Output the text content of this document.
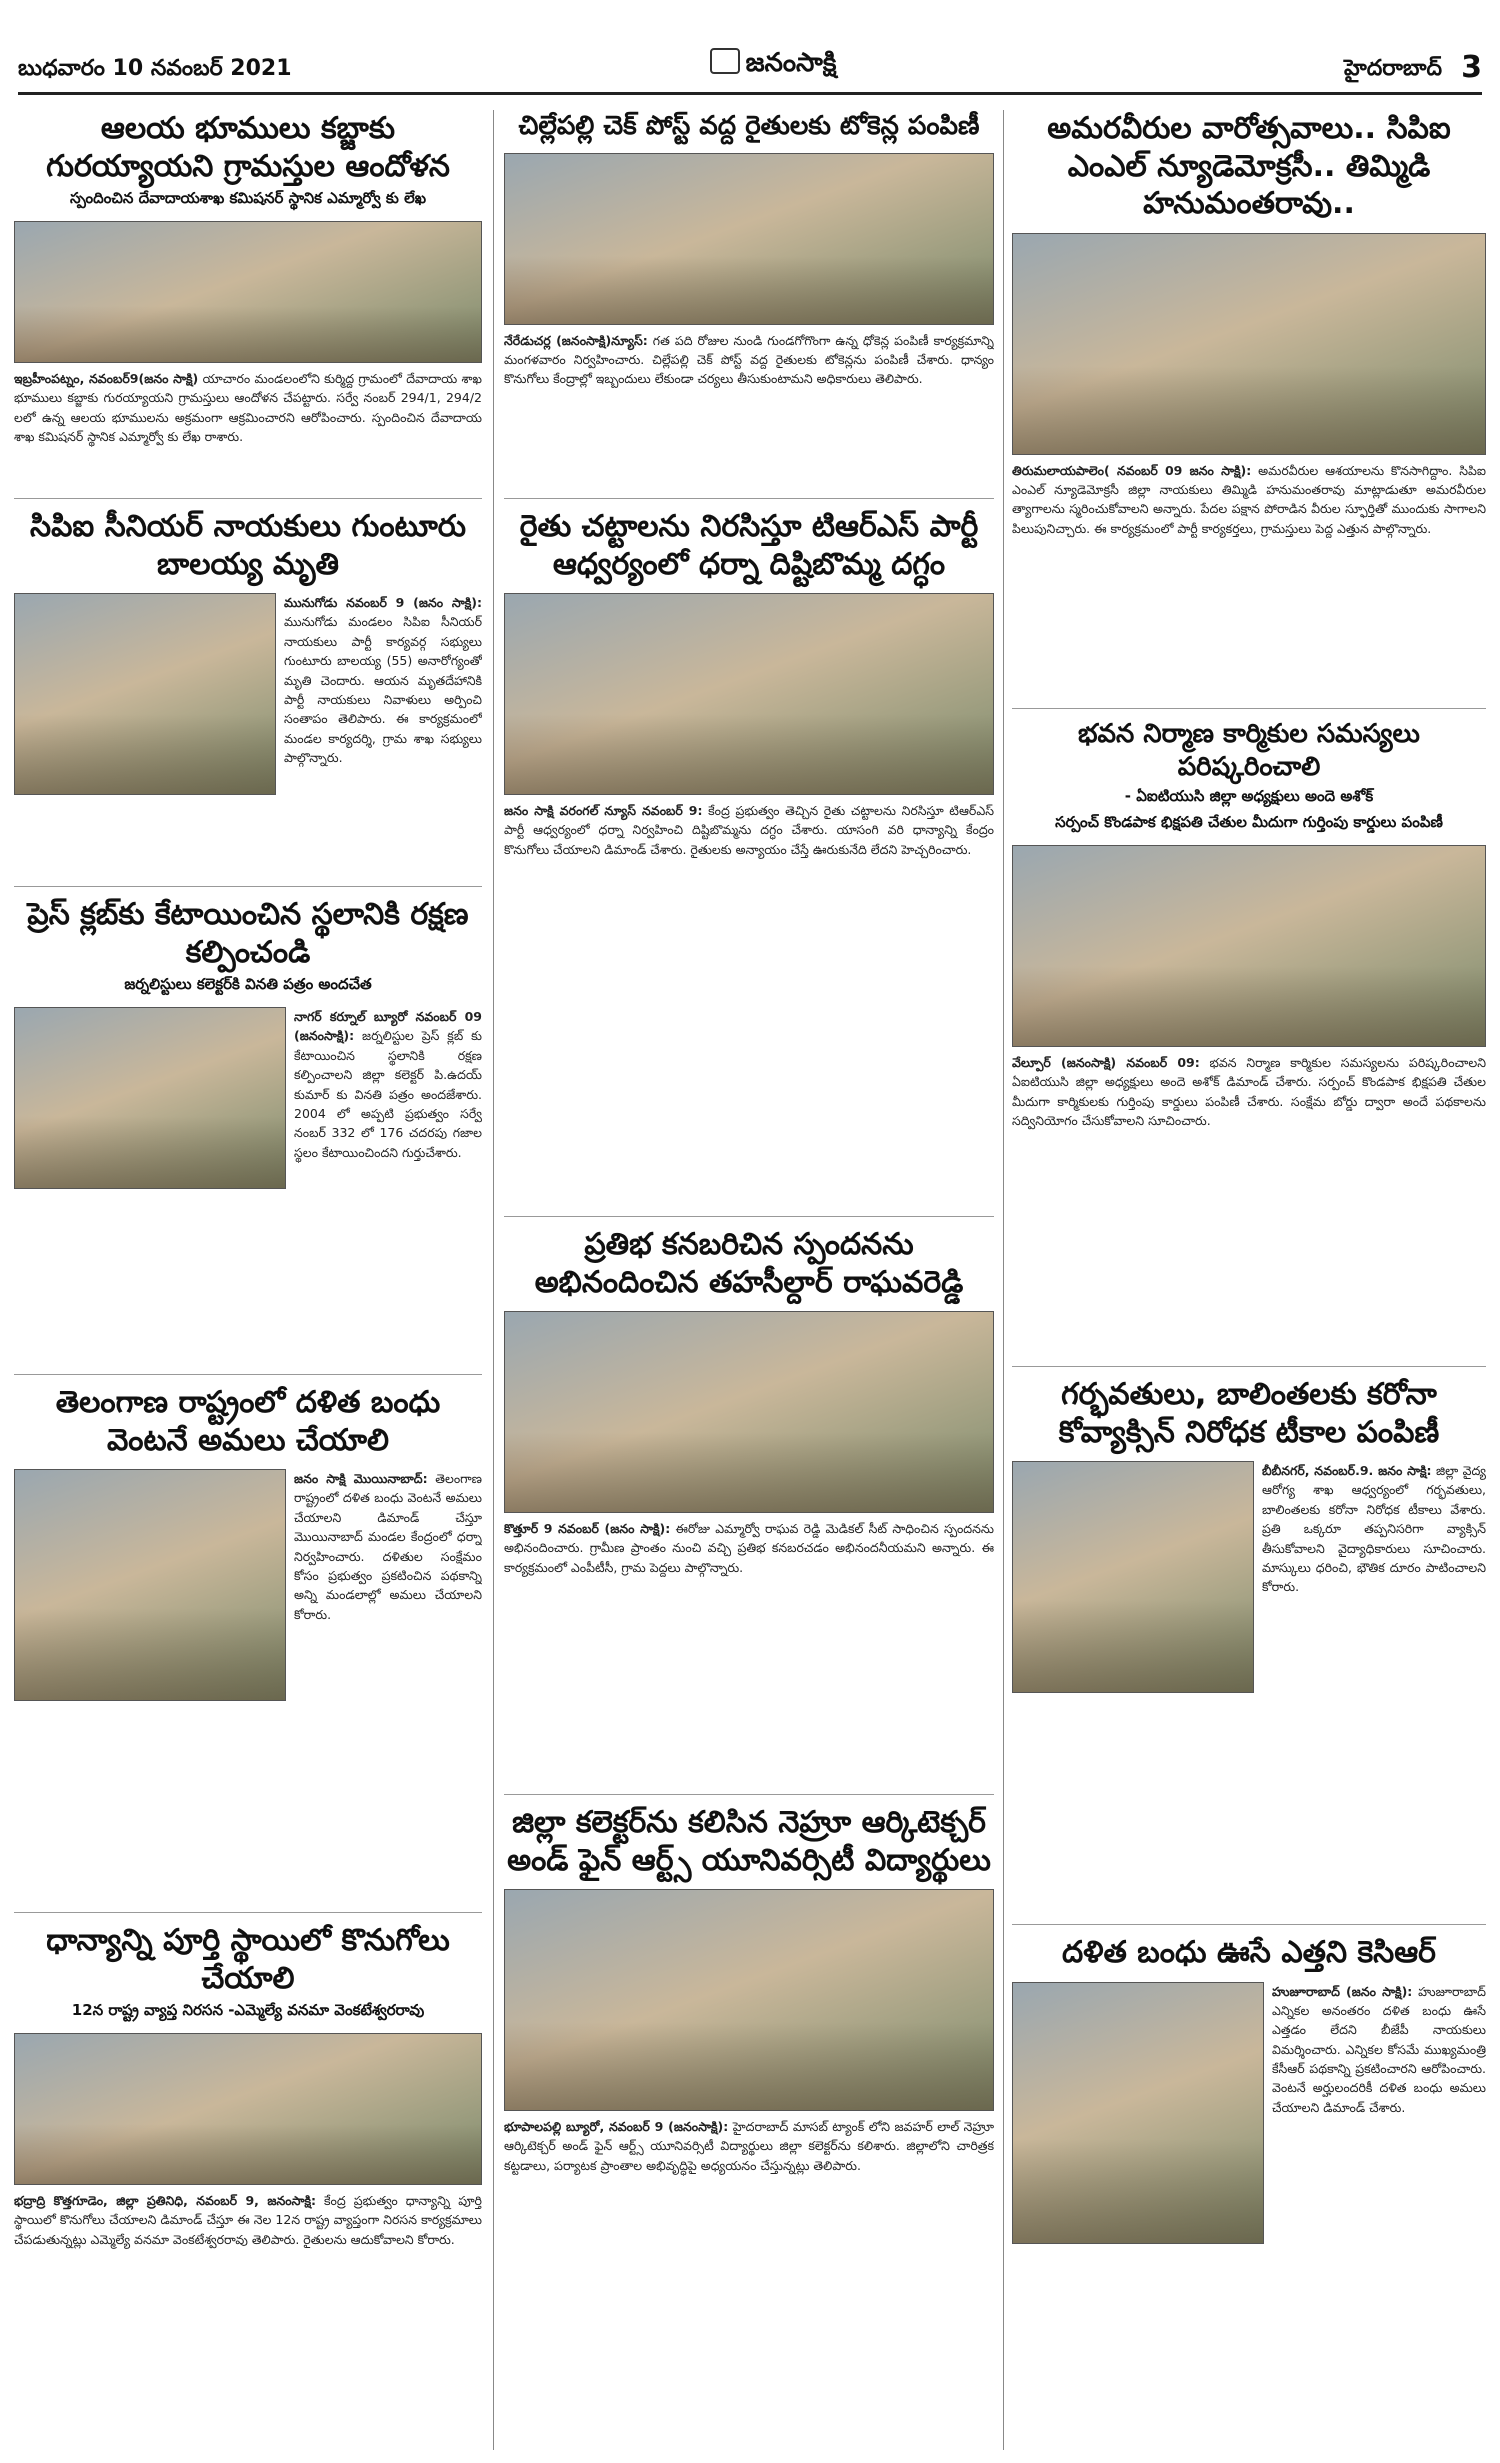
బుధవారం 10 నవంబర్ 2021	జనంసాక్షి	హైదరాబాద్ 3
ఆలయ భూములు కబ్జాకు గురయ్యాయని గ్రామస్తుల ఆందోళన
స్పందించిన దేవాదాయశాఖ కమిషనర్ స్థానిక ఎమ్మార్వో కు లేఖ
ఇబ్రహీంపట్నం, నవంబర్9(జనం సాక్షి) యాచారం మండలంలోని కుర్మిద్ద గ్రామంలో దేవాదాయ శాఖ భూములు కబ్జాకు గురయ్యాయని గ్రామస్తులు ఆందోళన చేపట్టారు. సర్వే నంబర్ 294/1, 294/2 లలో ఉన్న ఆలయ భూములను అక్రమంగా ఆక్రమించారని ఆరోపించారు. స్పందించిన దేవాదాయ శాఖ కమిషనర్ స్థానిక ఎమ్మార్వో కు లేఖ రాశారు.
సిపిఐ సీనియర్ నాయకులు గుంటూరు బాలయ్య మృతి
మునుగోడు నవంబర్ 9 (జనం సాక్షి): మునుగోడు మండలం సిపిఐ సీనియర్ నాయకులు పార్టీ కార్యవర్గ సభ్యులు గుంటూరు బాలయ్య (55) అనారోగ్యంతో మృతి చెందారు. ఆయన మృతదేహానికి పార్టీ నాయకులు నివాళులు అర్పించి సంతాపం తెలిపారు. ఈ కార్యక్రమంలో మండల కార్యదర్శి, గ్రామ శాఖ సభ్యులు పాల్గొన్నారు.
ప్రెస్ క్లబ్‌కు కేటాయించిన స్థలానికి రక్షణ కల్పించండి
జర్నలిస్టులు కలెక్టర్‌కి వినతి పత్రం అందచేత
నాగర్ కర్నూల్ బ్యూరో నవంబర్ 09 (జనంసాక్షి): జర్నలిస్టుల ప్రెస్ క్లబ్ కు కేటాయించిన స్థలానికి రక్షణ కల్పించాలని జిల్లా కలెక్టర్ పి.ఉదయ్ కుమార్ కు వినతి పత్రం అందజేశారు. 2004 లో అప్పటి ప్రభుత్వం సర్వే నంబర్ 332 లో 176 చదరపు గజాల స్థలం కేటాయించిందని గుర్తుచేశారు.
తెలంగాణ రాష్ట్రంలో దళిత బంధు వెంటనే అమలు చేయాలి
జనం సాక్షి మొయినాబాద్: తెలంగాణ రాష్ట్రంలో దళిత బంధు వెంటనే అమలు చేయాలని డిమాండ్ చేస్తూ మొయినాబాద్ మండల కేంద్రంలో ధర్నా నిర్వహించారు. దళితుల సంక్షేమం కోసం ప్రభుత్వం ప్రకటించిన పథకాన్ని అన్ని మండలాల్లో అమలు చేయాలని కోరారు.
ధాన్యాన్ని పూర్తి స్థాయిలో కొనుగోలు చేయాలి
12న రాష్ట్ర వ్యాప్త నిరసన -ఎమ్మెల్యే వనమా వెంకటేశ్వరరావు
భద్రాద్రి కొత్తగూడెం, జిల్లా ప్రతినిధి, నవంబర్ 9, జనంసాక్షి: కేంద్ర ప్రభుత్వం ధాన్యాన్ని పూర్తి స్థాయిలో కొనుగోలు చేయాలని డిమాండ్ చేస్తూ ఈ నెల 12న రాష్ట్ర వ్యాప్తంగా నిరసన కార్యక్రమాలు చేపడుతున్నట్లు ఎమ్మెల్యే వనమా వెంకటేశ్వరరావు తెలిపారు. రైతులను ఆదుకోవాలని కోరారు.
చిల్లేపల్లి చెక్ పోస్ట్ వద్ద రైతులకు టోకెన్ల పంపిణీ
నేరేడుచర్ల (జనంసాక్షి)న్యూస్: గత పది రోజుల నుండి గుండగోగొంగా ఉన్న ధోకెన్ల పంపిణీ కార్యక్రమాన్ని మంగళవారం నిర్వహించారు. చిల్లేపల్లి చెక్ పోస్ట్ వద్ద రైతులకు టోకెన్లను పంపిణీ చేశారు. ధాన్యం కొనుగోలు కేంద్రాల్లో ఇబ్బందులు లేకుండా చర్యలు తీసుకుంటామని అధికారులు తెలిపారు.
రైతు చట్టాలను నిరసిస్తూ టిఆర్ఎస్ పార్టీ ఆధ్వర్యంలో ధర్నా దిష్టిబొమ్మ దగ్ధం
జనం సాక్షి వరంగల్ న్యూస్ నవంబర్ 9: కేంద్ర ప్రభుత్వం తెచ్చిన రైతు చట్టాలను నిరసిస్తూ టిఆర్ఎస్ పార్టీ ఆధ్వర్యంలో ధర్నా నిర్వహించి దిష్టిబొమ్మను దగ్ధం చేశారు. యాసంగి వరి ధాన్యాన్ని కేంద్రం కొనుగోలు చేయాలని డిమాండ్ చేశారు. రైతులకు అన్యాయం చేస్తే ఊరుకునేది లేదని హెచ్చరించారు.
ప్రతిభ కనబరిచిన స్పందనను అభినందించిన తహసీల్దార్ రాఘవరెడ్డి
కొత్తూర్ 9 నవంబర్ (జనం సాక్షి): ఈరోజు ఎమ్మార్వో రాఘవ రెడ్డి మెడికల్ సీట్ సాధించిన స్పందనను అభినందించారు. గ్రామీణ ప్రాంతం నుంచి వచ్చి ప్రతిభ కనబరచడం అభినందనీయమని అన్నారు. ఈ కార్యక్రమంలో ఎంపీటీసీ, గ్రామ పెద్దలు పాల్గొన్నారు.
జిల్లా కలెక్టర్‌ను కలిసిన నెహ్రూ ఆర్కిటెక్చర్ అండ్ ఫైన్ ఆర్ట్స్ యూనివర్సిటీ విద్యార్థులు
భూపాలపల్లి బ్యూరో, నవంబర్ 9 (జనంసాక్షి): హైదరాబాద్ మాసబ్ ట్యాంక్ లోని జవహర్ లాల్ నెహ్రూ ఆర్కిటెక్చర్ అండ్ ఫైన్ ఆర్ట్స్ యూనివర్సిటీ విద్యార్థులు జిల్లా కలెక్టర్‌ను కలిశారు. జిల్లాలోని చారిత్రక కట్టడాలు, పర్యాటక ప్రాంతాల అభివృద్ధిపై అధ్యయనం చేస్తున్నట్లు తెలిపారు.
అమరవీరుల వారోత్సవాలు.. సిపిఐ ఎంఎల్ న్యూడెమోక్రసీ.. తిమ్మిడి హనుమంతరావు..
తిరుమలాయపాలెం( నవంబర్ 09 జనం సాక్షి): అమరవీరుల ఆశయాలను కొనసాగిద్దాం. సిపిఐ ఎంఎల్ న్యూడెమోక్రసీ జిల్లా నాయకులు తిమ్మిడి హనుమంతరావు మాట్లాడుతూ అమరవీరుల త్యాగాలను స్మరించుకోవాలని అన్నారు. పేదల పక్షాన పోరాడిన వీరుల స్ఫూర్తితో ముందుకు సాగాలని పిలుపునిచ్చారు. ఈ కార్యక్రమంలో పార్టీ కార్యకర్తలు, గ్రామస్తులు పెద్ద ఎత్తున పాల్గొన్నారు.
భవన నిర్మాణ కార్మికుల సమస్యలు పరిష్కరించాలి
- ఏఐటియుసి జిల్లా అధ్యక్షులు అందె అశోక్
సర్పంచ్ కొండపాక భిక్షపతి చేతుల మీదుగా గుర్తింపు కార్డులు పంపిణీ
వేల్పూర్ (జనంసాక్షి) నవంబర్ 09: భవన నిర్మాణ కార్మికుల సమస్యలను పరిష్కరించాలని ఏఐటియుసి జిల్లా అధ్యక్షులు అందె అశోక్ డిమాండ్ చేశారు. సర్పంచ్ కొండపాక భిక్షపతి చేతుల మీదుగా కార్మికులకు గుర్తింపు కార్డులు పంపిణీ చేశారు. సంక్షేమ బోర్డు ద్వారా అందే పథకాలను సద్వినియోగం చేసుకోవాలని సూచించారు.
గర్భవతులు, బాలింతలకు కరోనా కోవ్యాక్సిన్ నిరోధక టీకాల పంపిణీ
బీబీనగర్, నవంబర్.9. జనం సాక్షి: జిల్లా వైద్య ఆరోగ్య శాఖ ఆధ్వర్యంలో గర్భవతులు, బాలింతలకు కరోనా నిరోధక టీకాలు వేశారు. ప్రతి ఒక్కరూ తప్పనిసరిగా వ్యాక్సిన్ తీసుకోవాలని వైద్యాధికారులు సూచించారు. మాస్కులు ధరించి, భౌతిక దూరం పాటించాలని కోరారు.
దళిత బంధు ఊసే ఎత్తని కెసిఆర్
హుజూరాబాద్ (జనం సాక్షి): హుజూరాబాద్ ఎన్నికల అనంతరం దళిత బంధు ఊసే ఎత్తడం లేదని బీజేపీ నాయకులు విమర్శించారు. ఎన్నికల కోసమే ముఖ్యమంత్రి కేసీఆర్ పథకాన్ని ప్రకటించారని ఆరోపించారు. వెంటనే అర్హులందరికీ దళిత బంధు అమలు చేయాలని డిమాండ్ చేశారు.
